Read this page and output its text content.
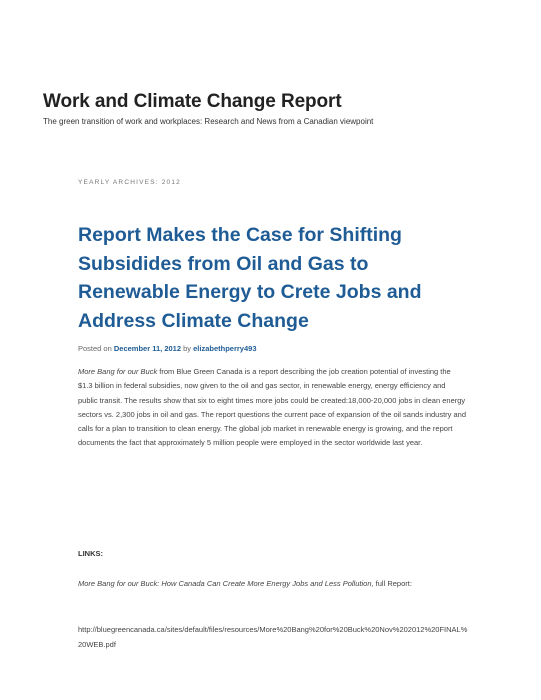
Work and Climate Change Report

The green transition of work and workplaces: Research and News from a Canadian viewpoint

YEARLY ARCHIVES: 2012
Report Makes the Case for Shifting Subsidides from Oil and Gas to Renewable Energy to Crete Jobs and Address Climate Change
Posted on December 11, 2012 by elizabethperry493

More Bang for our Buck from Blue Green Canada is a report describing the job creation potential of investing the $1.3 billion in federal subsidies, now given to the oil and gas sector, in renewable energy, energy efficiency and public transit. The results show that six to eight times more jobs could be created:18,000-20,000 jobs in clean energy sectors vs. 2,300 jobs in oil and gas. The report questions the current pace of expansion of the oil sands industry and calls for a plan to transition to clean energy. The global job market in renewable energy is growing, and the report documents the fact that approximately 5 million people were employed in the sector worldwide last year.

LINKS:

More Bang for our Buck: How Canada Can Create More Energy Jobs and Less Pollution, full Report:

http://bluegreencanada.ca/sites/default/files/resources/More%20Bang%20for%20Buck%20Nov%202012%20FINAL%20WEB.pdf
